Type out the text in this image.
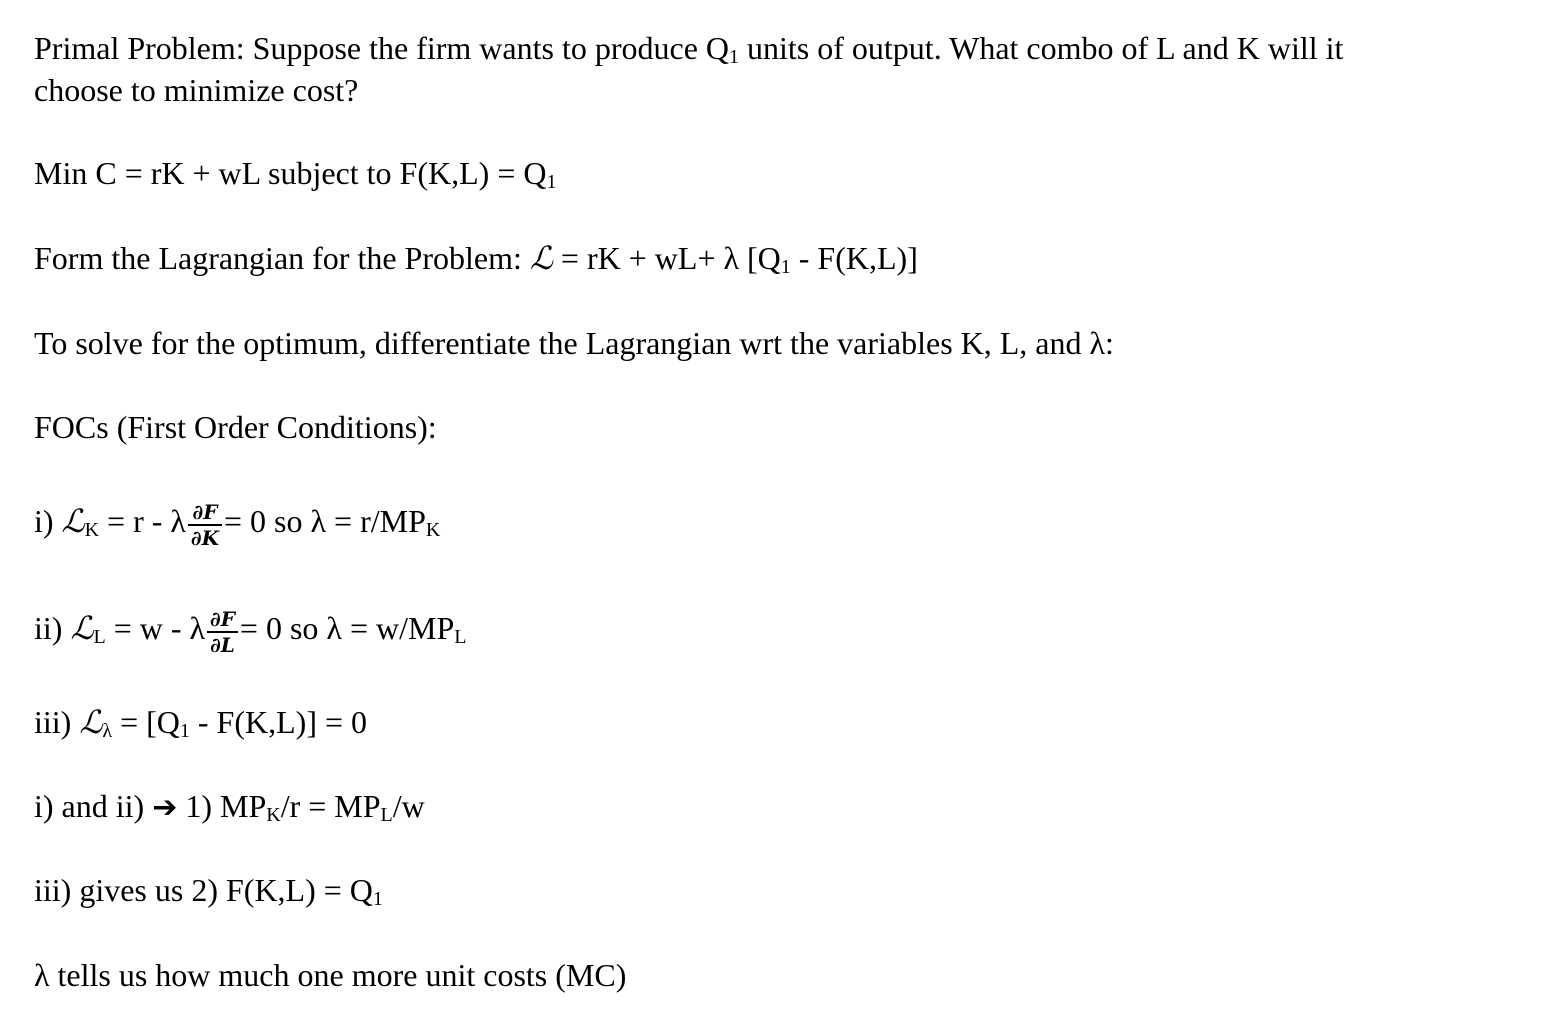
Primal Problem: Suppose the firm wants to produce $Q_1$ units of output. What combo of L and K will it
choose to minimize cost?
Min C = rK + wL subject to $F(K,L) = Q_1$
Form the Lagrangian for the Problem: ℒ = rK + wL+ λ $[Q_1 - F(K,L)]$
To solve for the optimum, differentiate the Lagrangian wrt the variables K, L, and λ:
FOCs (First Order Conditions):
i) ℒ$_K$ = r - λ $\frac{\partial F}{\partial K} = 0$ so $\lambda = r/MP_K$
ii) ℒ$_L$ = w - λ $\frac{\partial F}{\partial L} = 0$ so $\lambda = w/MP_L$
iii) ℒ$_\lambda$ = $[Q_1 - F(K,L)] = 0$
i) and ii) ➔ 1) $MP_K/r = MP_L/w$
iii) gives us 2) $F(K,L) = Q_1$
λ tells us how much one more unit costs (MC)
